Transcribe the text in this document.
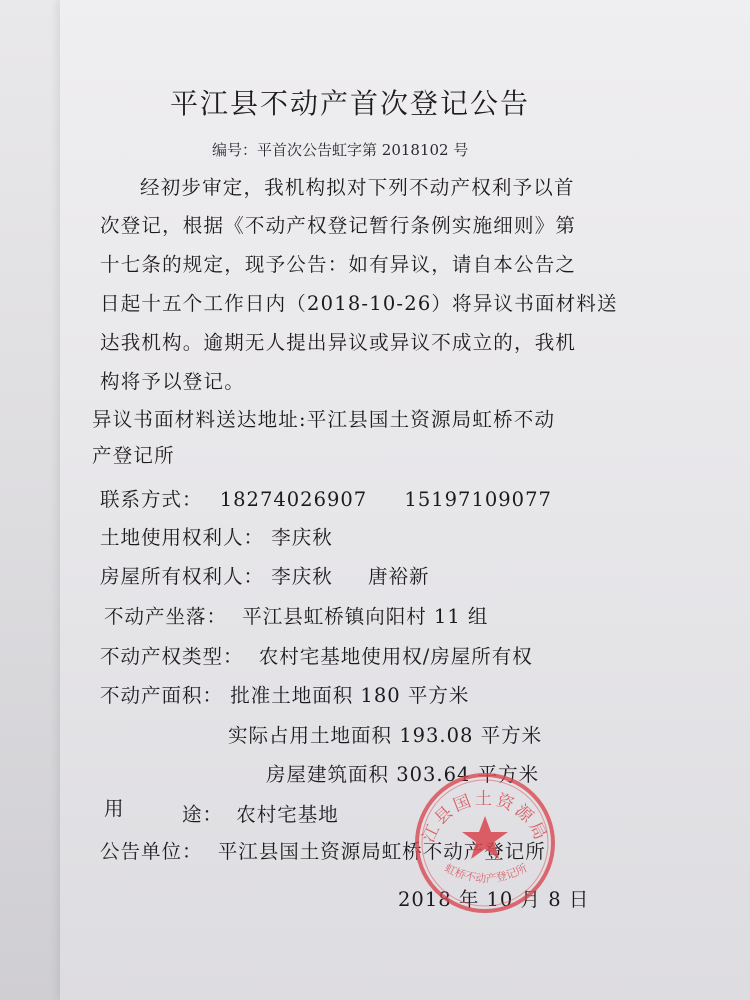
平江县不动产首次登记公告
编号：平首次公告虹字第 2018102 号
经初步审定，我机构拟对下列不动产权利予以首
次登记，根据《不动产权登记暂行条例实施细则》第
十七条的规定，现予公告：如有异议，请自本公告之
日起十五个工作日内（2018-10-26）将异议书面材料送
达我机构。逾期无人提出异议或异议不成立的，我机
构将予以登记。
异议书面材料送达地址:平江县国土资源局虹桥不动
产登记所
联系方式： 18274026907 15197109077
土地使用权利人： 李庆秋
房屋所有权利人： 李庆秋 唐裕新
不动产坐落： 平江县虹桥镇向阳村 11 组
不动产权类型： 农村宅基地使用权/房屋所有权
不动产面积： 批准土地面积 180 平方米
实际占用土地面积 193.08 平方米
房屋建筑面积 303.64 平方米
用	途： 农村宅基地
公告单位： 平江县国土资源局虹桥不动产登记所
2018 年 10 月 8 日
江县国土资源局
虹桥不动产登记所
